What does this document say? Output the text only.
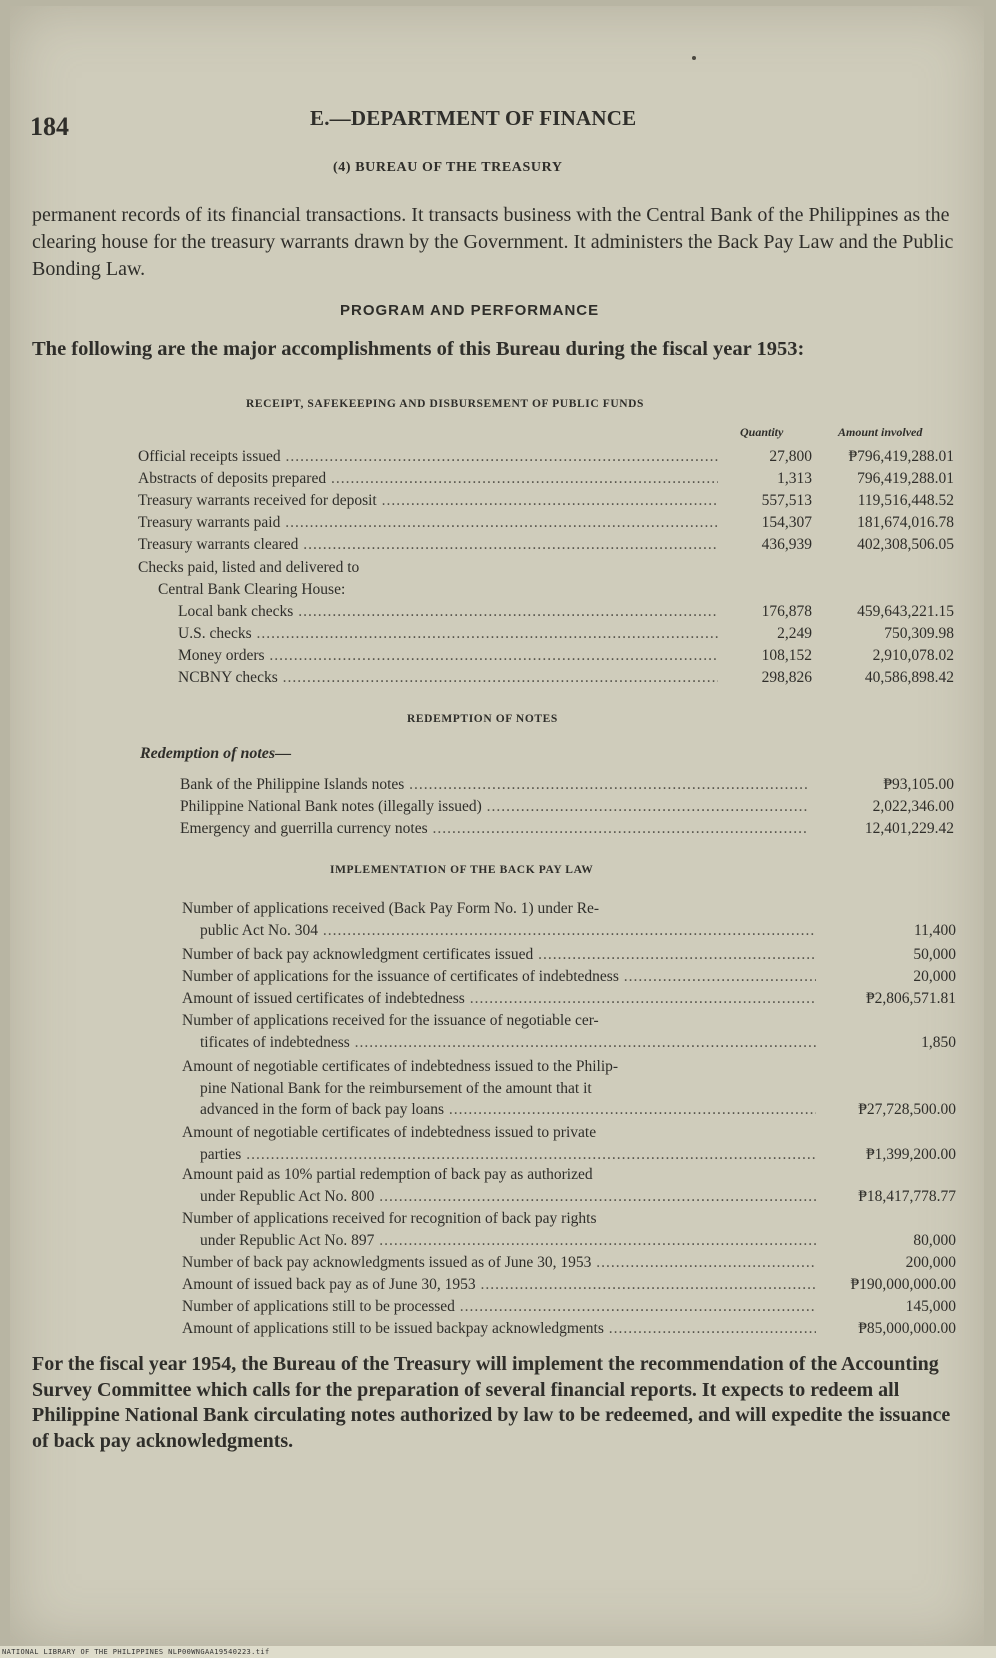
184	E.—DEPARTMENT OF FINANCE
(4) BUREAU OF THE TREASURY
permanent records of its financial transactions. It transacts business with the Central Bank of the Philippines as the clearing house for the treasury warrants drawn by the Government. It administers the Back Pay Law and the Public Bonding Law.
PROGRAM AND PERFORMANCE
The following are the major accomplishments of this Bureau during the fiscal year 1953:
RECEIPT, SAFEKEEPING AND DISBURSEMENT OF PUBLIC FUNDS
Quantity	Amount involved
Official receipts issued .....	27,800	₱796,419,288.01
Abstracts of deposits prepared .....	1,313	796,419,288.01
Treasury warrants received for deposit .....	557,513	119,516,448.52
Treasury warrants paid .....	154,307	181,674,016.78
Treasury warrants cleared .....	436,939	402,308,506.05
Checks paid, listed and delivered to
Central Bank Clearing House:
Local bank checks .....	176,878	459,643,221.15
U.S. checks .....	2,249	750,309.98
Money orders .....	108,152	2,910,078.02
NCBNY checks .....	298,826	40,586,898.42
REDEMPTION OF NOTES
Redemption of notes—
Bank of the Philippine Islands notes .....	₱93,105.00
Philippine National Bank notes (illegally issued) .....	2,022,346.00
Emergency and guerrilla currency notes .....	12,401,229.42
IMPLEMENTATION OF THE BACK PAY LAW
Number of applications received (Back Pay Form No. 1) under Re-
public Act No. 304 .....	11,400
Number of back pay acknowledgment certificates issued .....	50,000
Number of applications for the issuance of certificates of indebtedness .....	20,000
Amount of issued certificates of indebtedness .....	₱2,806,571.81
Number of applications received for the issuance of negotiable cer-
tificates of indebtedness .....	1,850
Amount of negotiable certificates of indebtedness issued to the Philip-
pine National Bank for the reimbursement of the amount that it
advanced in the form of back pay loans .....	₱27,728,500.00
Amount of negotiable certificates of indebtedness issued to private
parties .....	₱1,399,200.00
Amount paid as 10% partial redemption of back pay as authorized
under Republic Act No. 800 .....	₱18,417,778.77
Number of applications received for recognition of back pay rights
under Republic Act No. 897 .....	80,000
Number of back pay acknowledgments issued as of June 30, 1953 .....	200,000
Amount of issued back pay as of June 30, 1953 .....	₱190,000,000.00
Number of applications still to be processed .....	145,000
Amount of applications still to be issued backpay acknowledgments .....	₱85,000,000.00
For the fiscal year 1954, the Bureau of the Treasury will implement the recommendation of the Accounting Survey Committee which calls for the preparation of several financial reports. It expects to redeem all Philippine National Bank circulating notes authorized by law to be redeemed, and will expedite the issuance of back pay acknowledgments.
NATIONAL LIBRARY OF THE PHILIPPINES NLP00WNGAA19540223.tif
